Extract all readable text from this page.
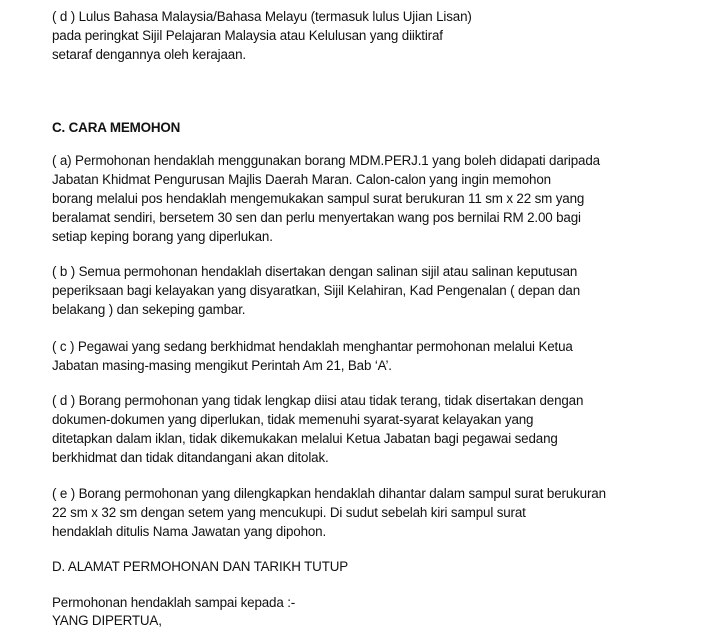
( d ) Lulus Bahasa Malaysia/Bahasa Melayu (termasuk lulus Ujian Lisan)
pada peringkat Sijil Pelajaran Malaysia atau Kelulusan yang diiktiraf
setaraf dengannya oleh kerajaan.
C. CARA MEMOHON
( a) Permohonan hendaklah menggunakan borang MDM.PERJ.1 yang boleh didapati daripada
Jabatan Khidmat Pengurusan Majlis Daerah Maran. Calon-calon yang ingin memohon
borang melalui pos hendaklah mengemukakan sampul surat berukuran 11 sm x 22 sm yang
beralamat sendiri, bersetem 30 sen dan perlu menyertakan wang pos bernilai RM 2.00 bagi
setiap keping borang yang diperlukan.
( b ) Semua permohonan hendaklah disertakan dengan salinan sijil atau salinan keputusan
peperiksaan bagi kelayakan yang disyaratkan, Sijil Kelahiran, Kad Pengenalan ( depan dan
belakang ) dan sekeping gambar.
( c ) Pegawai yang sedang berkhidmat hendaklah menghantar permohonan melalui Ketua
Jabatan masing-masing mengikut Perintah Am 21, Bab ‘A’.
( d ) Borang permohonan yang tidak lengkap diisi atau tidak terang, tidak disertakan dengan
dokumen-dokumen yang diperlukan, tidak memenuhi syarat-syarat kelayakan yang
ditetapkan dalam iklan, tidak dikemukakan melalui Ketua Jabatan bagi pegawai sedang
berkhidmat dan tidak ditandangani akan ditolak.
( e ) Borang permohonan yang dilengkapkan hendaklah dihantar dalam sampul surat berukuran
22 sm x 32 sm dengan setem yang mencukupi. Di sudut sebelah kiri sampul surat
hendaklah ditulis Nama Jawatan yang dipohon.
D. ALAMAT PERMOHONAN DAN TARIKH TUTUP
Permohonan hendaklah sampai kepada :-
YANG DIPERTUA,
